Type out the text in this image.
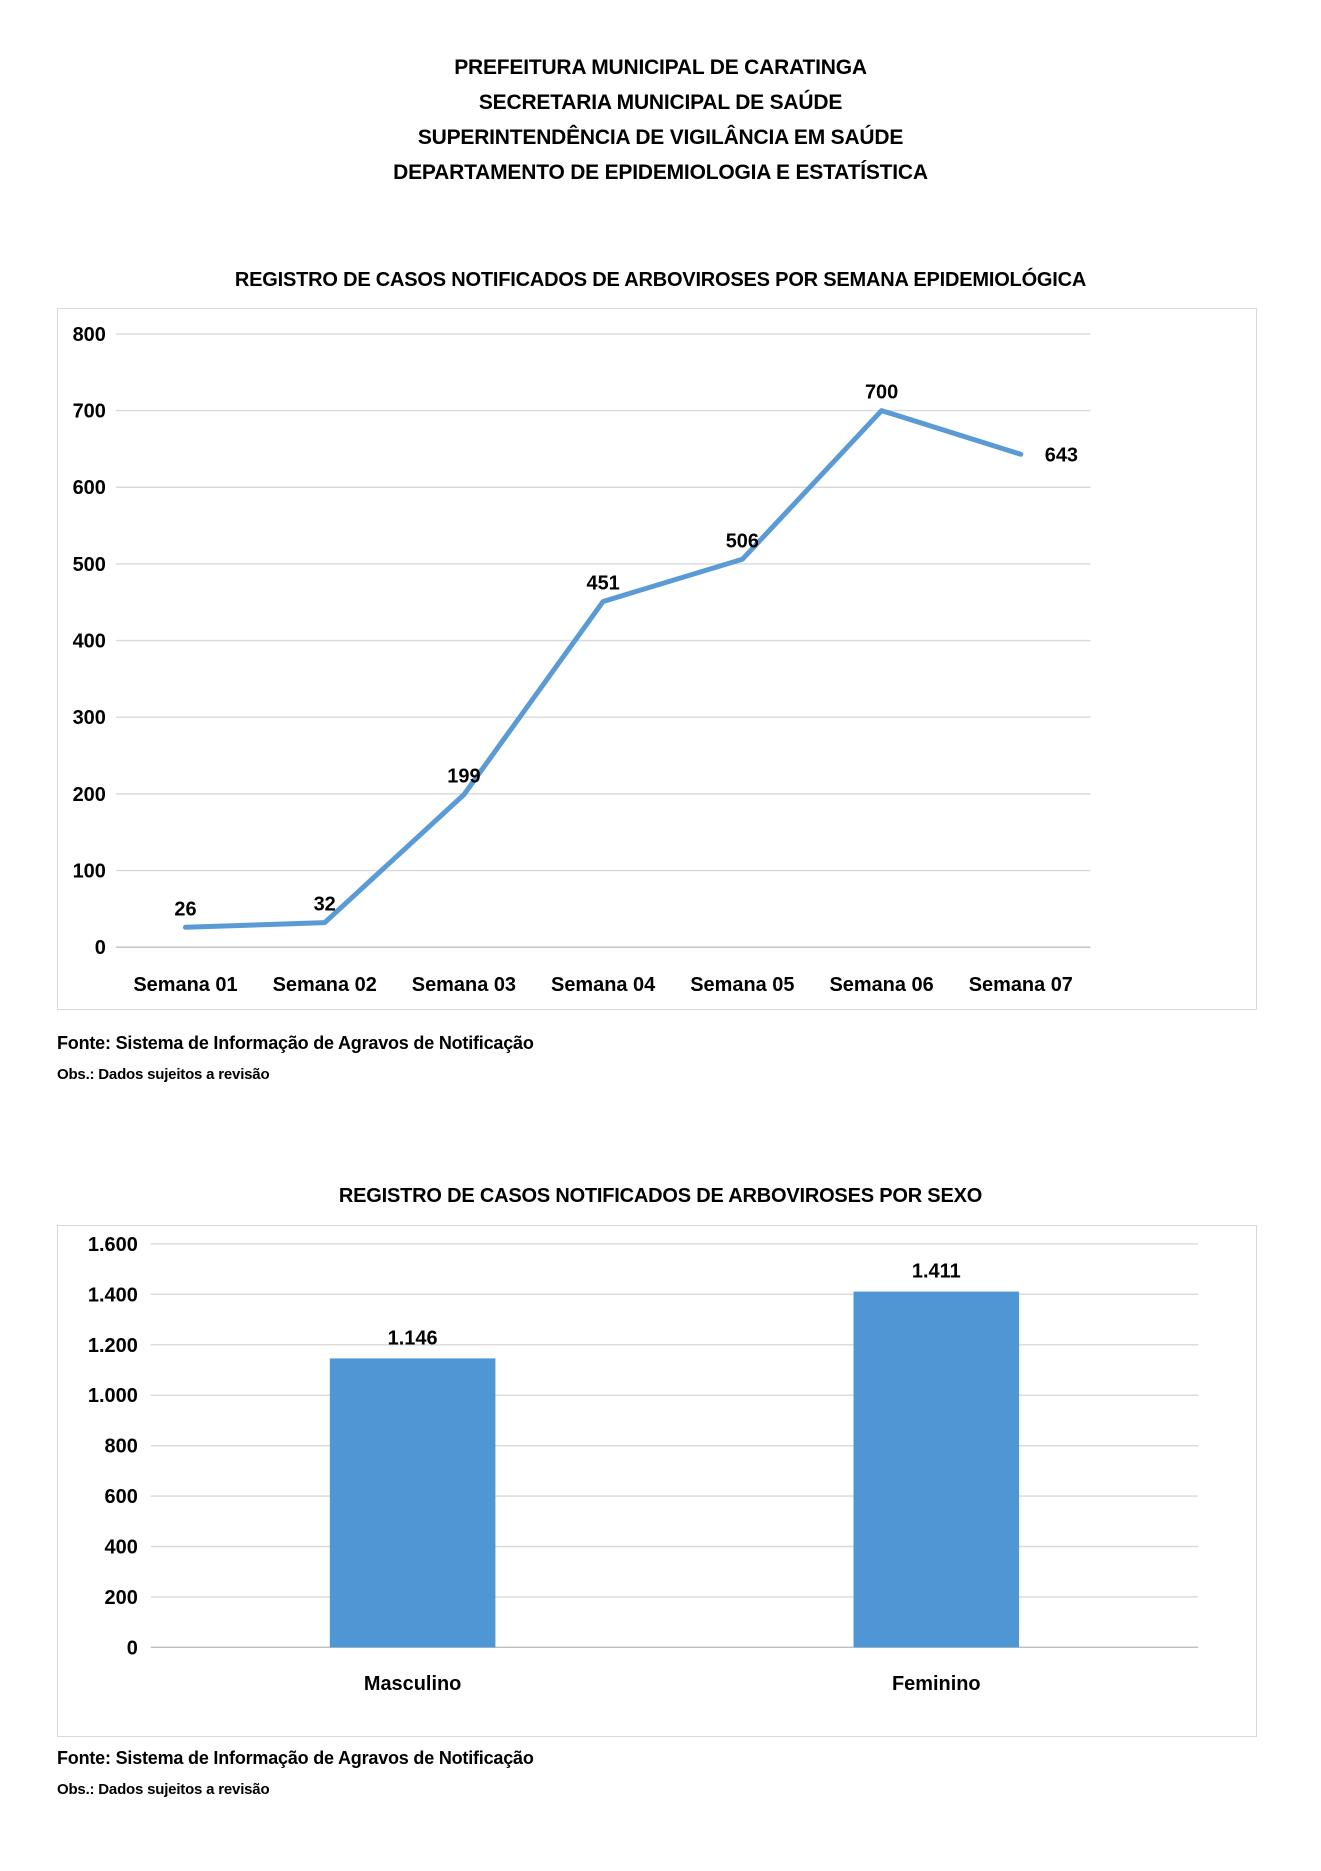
PREFEITURA MUNICIPAL DE CARATINGA
SECRETARIA MUNICIPAL DE SAÚDE
SUPERINTENDÊNCIA DE VIGILÂNCIA EM SAÚDE
DEPARTAMENTO DE EPIDEMIOLOGIA E ESTATÍSTICA
REGISTRO DE CASOS NOTIFICADOS DE ARBOVIROSES POR SEMANA EPIDEMIOLÓGICA
800
700
600
500
400
300
200
100
0
Semana 01 Semana 02 Semana 03 Semana 04 Semana 05 Semana 06 Semana 07
26	32
199
451
506
700
643

Fonte: Sistema de Informação de Agravos de Notificação

Obs.: Dados sujeitos a revisão

REGISTRO DE CASOS NOTIFICADOS DE ARBOVIROSES POR SEXO
1.600
1.400
1.200
1.000
800
600
400
200
0
1.146
Masculino
1.411
Feminino

Fonte: Sistema de Informação de Agravos de Notificação

Obs.: Dados sujeitos a revisão
